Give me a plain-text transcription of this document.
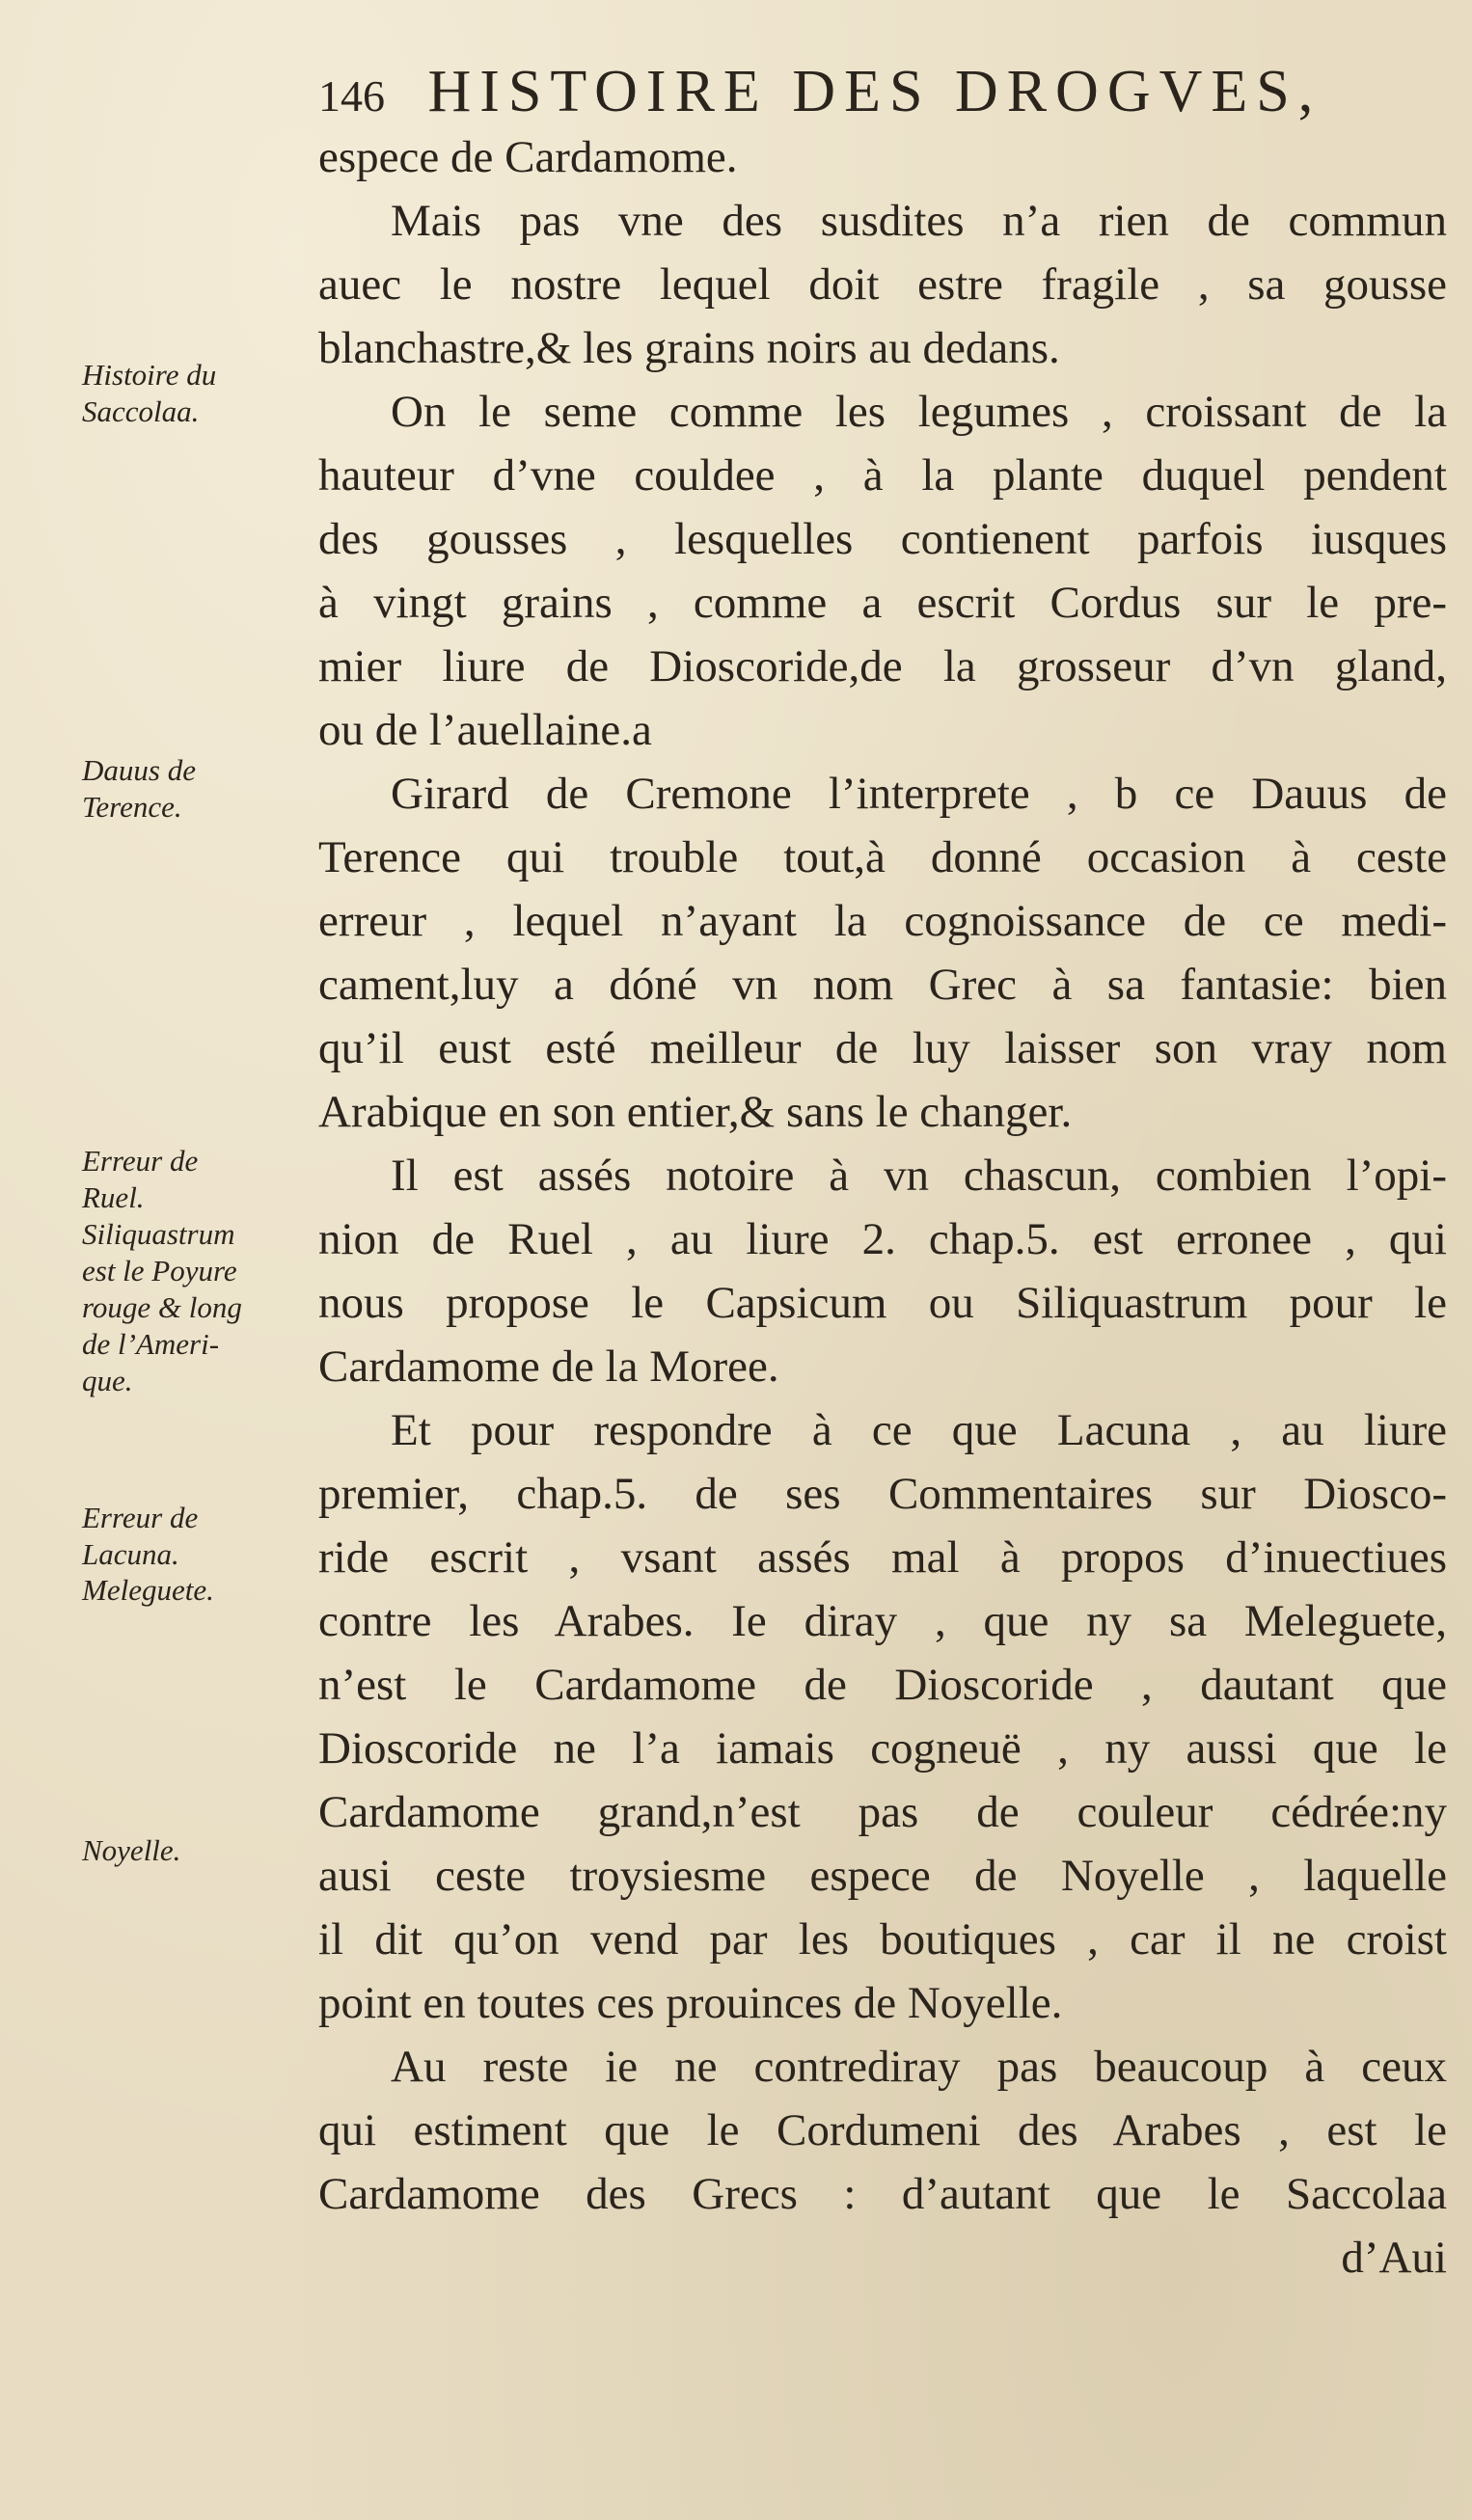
146 HISTOIRE DES DROGVES,
espece de Cardamome.
Mais pas vne des susdites n’a rien de commun
auec le nostre lequel doit estre fragile , sa gousse
blanchastre,& les grains noirs au dedans.
On le seme comme les legumes , croissant de la
hauteur d’vne couldee , à la plante duquel pendent
des gousses , lesquelles contienent parfois iusques
à vingt grains , comme a escrit Cordus sur le pre-
mier liure de Dioscoride,de la grosseur d’vn gland,
ou de l’auellaine.a
Girard de Cremone l’interprete , b ce Dauus de
Terence qui trouble tout,à donné occasion à ceste
erreur , lequel n’ayant la cognoissance de ce medi-
cament,luy a dóné vn nom Grec à sa fantasie: bien
qu’il eust esté meilleur de luy laisser son vray nom
Arabique en son entier,& sans le changer.
Il est assés notoire à vn chascun, combien l’opi-
nion de Ruel , au liure 2. chap.5. est erronee , qui
nous propose le Capsicum ou Siliquastrum pour le
Cardamome de la Moree.
Et pour respondre à ce que Lacuna , au liure
premier, chap.5. de ses Commentaires sur Diosco-
ride escrit , vsant assés mal à propos d’inuectiues
contre les Arabes. Ie diray , que ny sa Meleguete,
n’est le Cardamome de Dioscoride , dautant que
Dioscoride ne l’a iamais cogneuë , ny aussi que le
Cardamome grand,n’est pas de couleur cédrée:ny
ausi ceste troysiesme espece de Noyelle , laquelle
il dit qu’on vend par les boutiques , car il ne croist
point en toutes ces prouinces de Noyelle.
Au reste ie ne contrediray pas beaucoup à ceux
qui estiment que le Cordumeni des Arabes , est le
Cardamome des Grecs : d’autant que le Saccolaa
d’Aui
Histoire du
Saccolaa.
Dauus de
Terence.
Erreur de
Ruel.
Siliquastrum
est le Poyure
rouge & long
de l’Ameri-
que.
Erreur de
Lacuna.
Meleguete.
Noyelle.
